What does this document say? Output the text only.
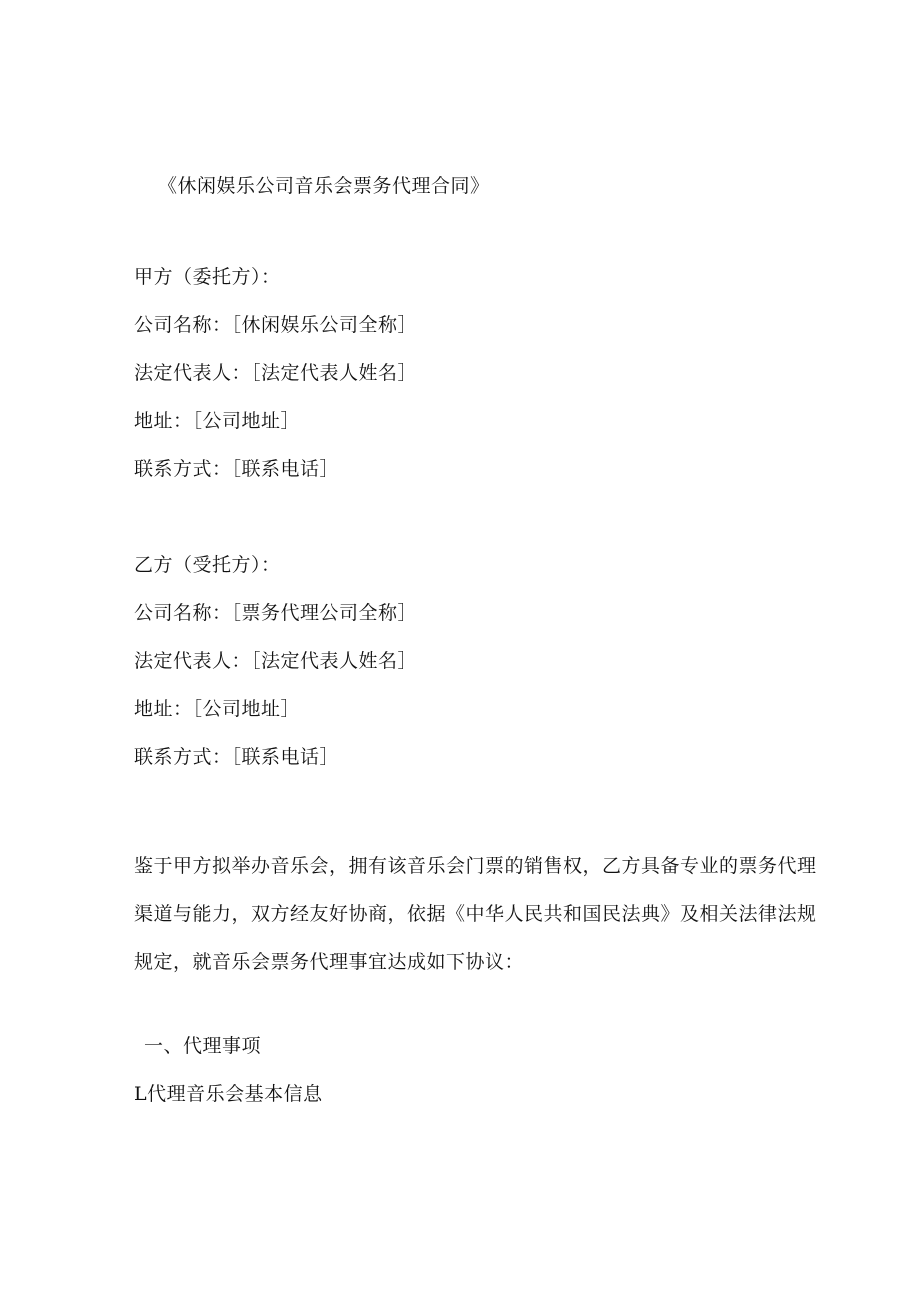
《休闲娱乐公司音乐会票务代理合同》
甲方（委托方）：
公司名称：［休闲娱乐公司全称］
法定代表人：［法定代表人姓名］
地址：［公司地址］
联系方式：［联系电话］
乙方（受托方）：
公司名称：［票务代理公司全称］
法定代表人：［法定代表人姓名］
地址：［公司地址］
联系方式：［联系电话］
鉴于甲方拟举办音乐会，拥有该音乐会门票的销售权，乙方具备专业的票务代理
渠道与能力，双方经友好协商，依据《中华人民共和国民法典》及相关法律法规
规定，就音乐会票务代理事宜达成如下协议：
一、代理事项
L代理音乐会基本信息
